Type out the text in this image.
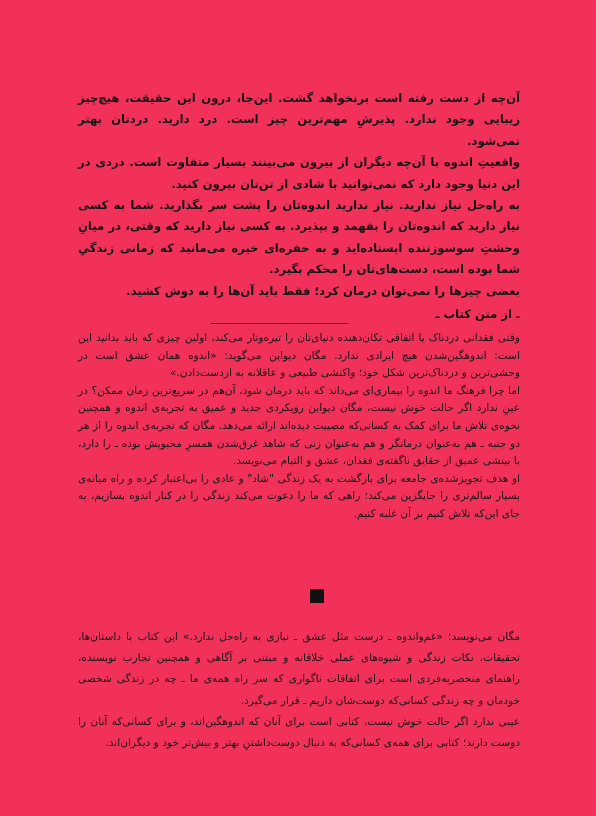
آن‌چه از دست رفته است برنخواهد گشت. این‌جا، درون این حقیقت، هیچ‌چیز زیبایی وجود ندارد. پذیرشِ مهم‌ترین چیز است. درد دارید. دردتان بهتر نمی‌شود.

واقعیتِ اندوه با آن‌چه دیگران از بیرون می‌بینند بسیار متفاوت است. دردی در این دنیا وجود دارد که نمی‌توانید با شادی از تن‌تان بیرون کنید.

به راه‌حل نیاز ندارید. نیاز ندارید اندوه‌تان را پشت سر بگذارید. شما به کسی نیاز دارید که اندوه‌تان را بفهمد و بپذیرد. به کسی نیاز دارید که وقتی، در میانِ وحشتِ سوسوزننده ایستاده‌اید و به حفره‌ای خیره می‌مانید که زمانی زندگیِ شما بوده است، دست‌های‌تان را محکم بگیرد.

بعضی چیزها را نمی‌توان درمان کرد؛ فقط باید آن‌ها را به دوش کشید.

ـ از متن کتاب ـ

وقتی فقدانی دردناک یا اتفاقی تکان‌دهنده دنیای‌تان را تیره‌وتار می‌کند، اولین چیزی که باید بدانید این است: اندوهگین‌شدن هیچ ایرادی ندارد. مگان دیواین می‌گوید: «اندوه همان عشق است در وحشی‌ترین و دردناک‌ترین شکل خود؛ واکنشی طبیعی و عاقلانه به ازدست‌دادن.»

اما چرا فرهنگ ما اندوه را بیماری‌ای می‌داند که باید درمان شود، آن‌هم در سریع‌ترین زمان ممکن؟ در عینِ ندارد اگر حالت خوش نیست، مگان دیواین رویکردی جدید و عمیق به تجربه‌ی اندوه و همچنین نحوه‌ی تلاش ما برای کمک به کسانی‌که مصیبت دیده‌اند ارائه می‌دهد. مگان که تجربه‌ی اندوه را از هر دو جنبه ـ هم به‌عنوان درمانگر و هم به‌عنوان زنی که شاهد غرق‌شدن همسرِ محبوبش بوده ـ را دارد، با بینشی عمیق از حقایق ناگفته‌ی فقدان، عشق و التیام می‌نویسد.

او هدف تجویزشده‌ی جامعه برای بازگشت به یک زندگی "شاد" و عادی را بی‌اعتبار کرده و راه میانه‌ی بسیار سالم‌تری را جایگزین می‌کند؛ راهی که ما را دعوت می‌کند زندگی را در کنار اندوه بسازیم، به جای این‌که تلاش کنیم بر آن غلبه کنیم.

مگان می‌نویسد: «غم‌واندوه ـ درست مثل عشق ـ نیازی به راه‌حل ندارد.» این کتاب با داستان‌ها، تحقیقات، نکات زندگی و شیوه‌های عملی خلاقانه و مبتنی بر آگاهی و همچنین تجارب نویسنده، راهنمای منحصربه‌فردی است برای اتفاقات ناگواری که سر راه همه‌ی ما ـ چه در زندگی شخصی خودمان و چه زندگی کسانی‌که دوست‌شان داریم ـ قرار می‌گیرد.

عیبی ندارد اگر حالت خوش نیست، کتابی است برای آنان که اندوهگین‌اند، و برای کسانی‌که آنان را دوست دارند؛ کتابی برای همه‌ی کسانی‌که به دنبال دوست‌داشتنِ بهتر و بیش‌تر خود و دیگران‌اند.
